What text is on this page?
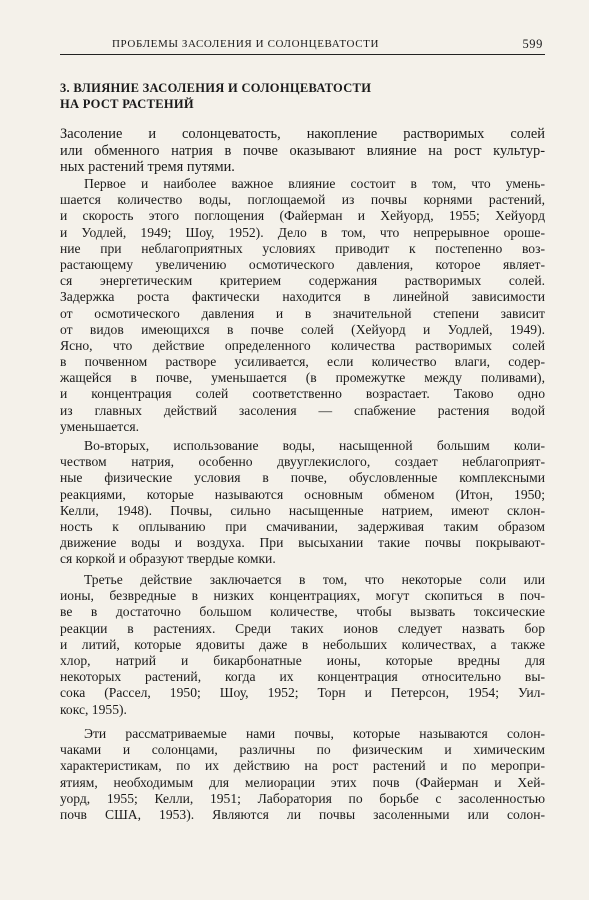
ПРОБЛЕМЫ ЗАСОЛЕНИЯ И СОЛОНЦЕВАТОСТИ	599
3. ВЛИЯНИЕ ЗАСОЛЕНИЯ И СОЛОНЦЕВАТОСТИ
НА РОСТ РАСТЕНИЙ
Засоление и солонцеватость, накопление растворимых солей
или обменного натрия в почве оказывают влияние на рост культур-
ных растений тремя путями.
Первое и наиболее важное влияние состоит в том, что умень-
шается количество воды, поглощаемой из почвы корнями растений,
и скорость этого поглощения (Файерман и Хейуорд, 1955; Хейуорд
и Уодлей, 1949; Шоу, 1952). Дело в том, что непрерывное ороше-
ние при неблагоприятных условиях приводит к постепенно воз-
растающему увеличению осмотического давления, которое являет-
ся энергетическим критерием содержания растворимых солей.
Задержка роста фактически находится в линейной зависимости
от осмотического давления и в значительной степени зависит
от видов имеющихся в почве солей (Хейуорд и Уодлей, 1949).
Ясно, что действие определенного количества растворимых солей
в почвенном растворе усиливается, если количество влаги, содер-
жащейся в почве, уменьшается (в промежутке между поливами),
и концентрация солей соответственно возрастает. Таково одно
из главных действий засоления — спабжение растения водой
уменьшается.
Во-вторых, использование воды, насыщенной большим коли-
чеством натрия, особенно двууглекислого, создает неблагоприят-
ные физические условия в почве, обусловленные комплексными
реакциями, которые называются основным обменом (Итон, 1950;
Келли, 1948). Почвы, сильно насыщенные натрием, имеют склон-
ность к оплыванию при смачивании, задерживая таким образом
движение воды и воздуха. При высыхании такие почвы покрывают-
ся коркой и образуют твердые комки.
Третье действие заключается в том, что некоторые соли или
ионы, безвредные в низких концентрациях, могут скопиться в поч-
ве в достаточно большом количестве, чтобы вызвать токсические
реакции в растениях. Среди таких ионов следует назвать бор
и литий, которые ядовиты даже в небольших количествах, а также
хлор, натрий и бикарбонатные ионы, которые вредны для
некоторых растений, когда их концентрация относительно вы-
сока (Рассел, 1950; Шоу, 1952; Торн и Петерсон, 1954; Уил-
кокс, 1955).
Эти рассматриваемые нами почвы, которые называются солон-
чаками и солонцами, различны по физическим и химическим
характеристикам, по их действию на рост растений и по меропри-
ятиям, необходимым для мелиорации этих почв (Файерман и Хей-
уорд, 1955; Келли, 1951; Лаборатория по борьбе с засоленностью
почв США, 1953). Являются ли почвы засоленными или солон-
